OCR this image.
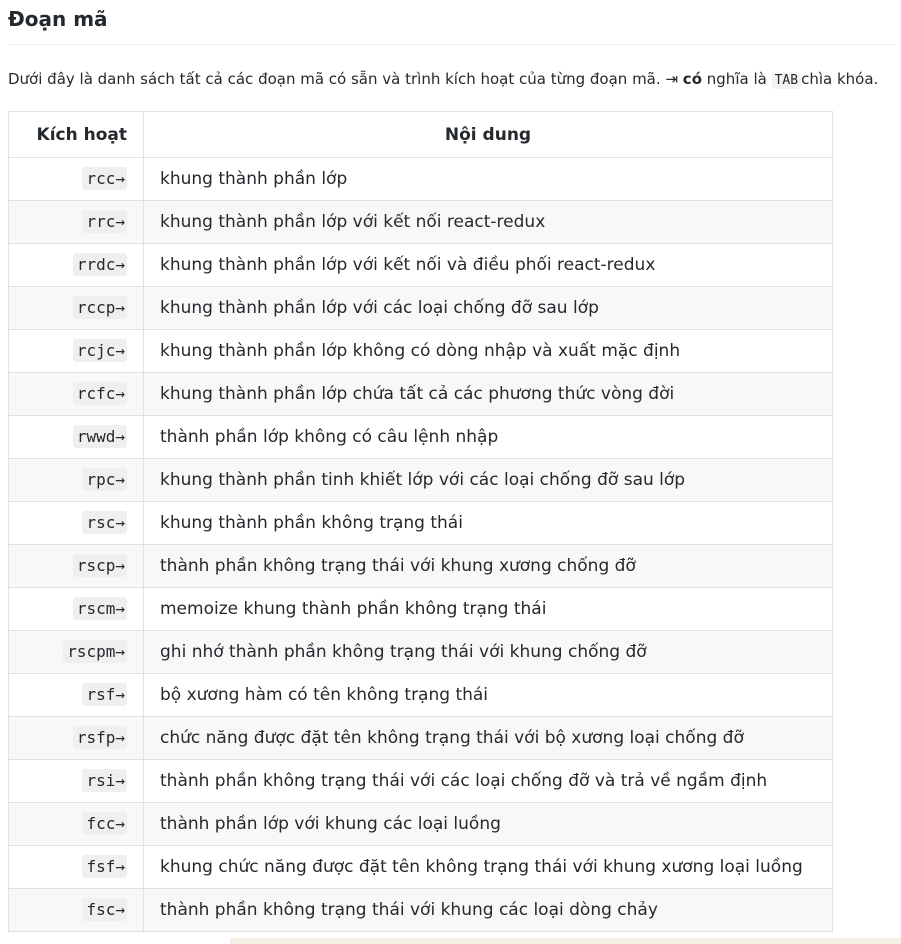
Đoạn mã

Dưới đây là danh sách tất cả các đoạn mã có sẵn và trình kích hoạt của từng đoạn mã. ⇥ có nghĩa là TAB chìa khóa.

Kích hoạt	Nội dung
rcc→	khung thành phần lớp
rrc→	khung thành phần lớp với kết nối react-redux
rrdc→	khung thành phần lớp với kết nối và điều phối react-redux
rccp→	khung thành phần lớp với các loại chống đỡ sau lớp
rcjc→	khung thành phần lớp không có dòng nhập và xuất mặc định
rcfc→	khung thành phần lớp chứa tất cả các phương thức vòng đời
rwwd→	thành phần lớp không có câu lệnh nhập
rpc→	khung thành phần tinh khiết lớp với các loại chống đỡ sau lớp
rsc→	khung thành phần không trạng thái
rscp→	thành phần không trạng thái với khung xương chống đỡ
rscm→	memoize khung thành phần không trạng thái
rscpm→	ghi nhớ thành phần không trạng thái với khung chống đỡ
rsf→	bộ xương hàm có tên không trạng thái
rsfp→	chức năng được đặt tên không trạng thái với bộ xương loại chống đỡ
rsi→	thành phần không trạng thái với các loại chống đỡ và trả về ngầm định
fcc→	thành phần lớp với khung các loại luồng
fsf→	khung chức năng được đặt tên không trạng thái với khung xương loại luồng
fsc→	thành phần không trạng thái với khung các loại dòng chảy
